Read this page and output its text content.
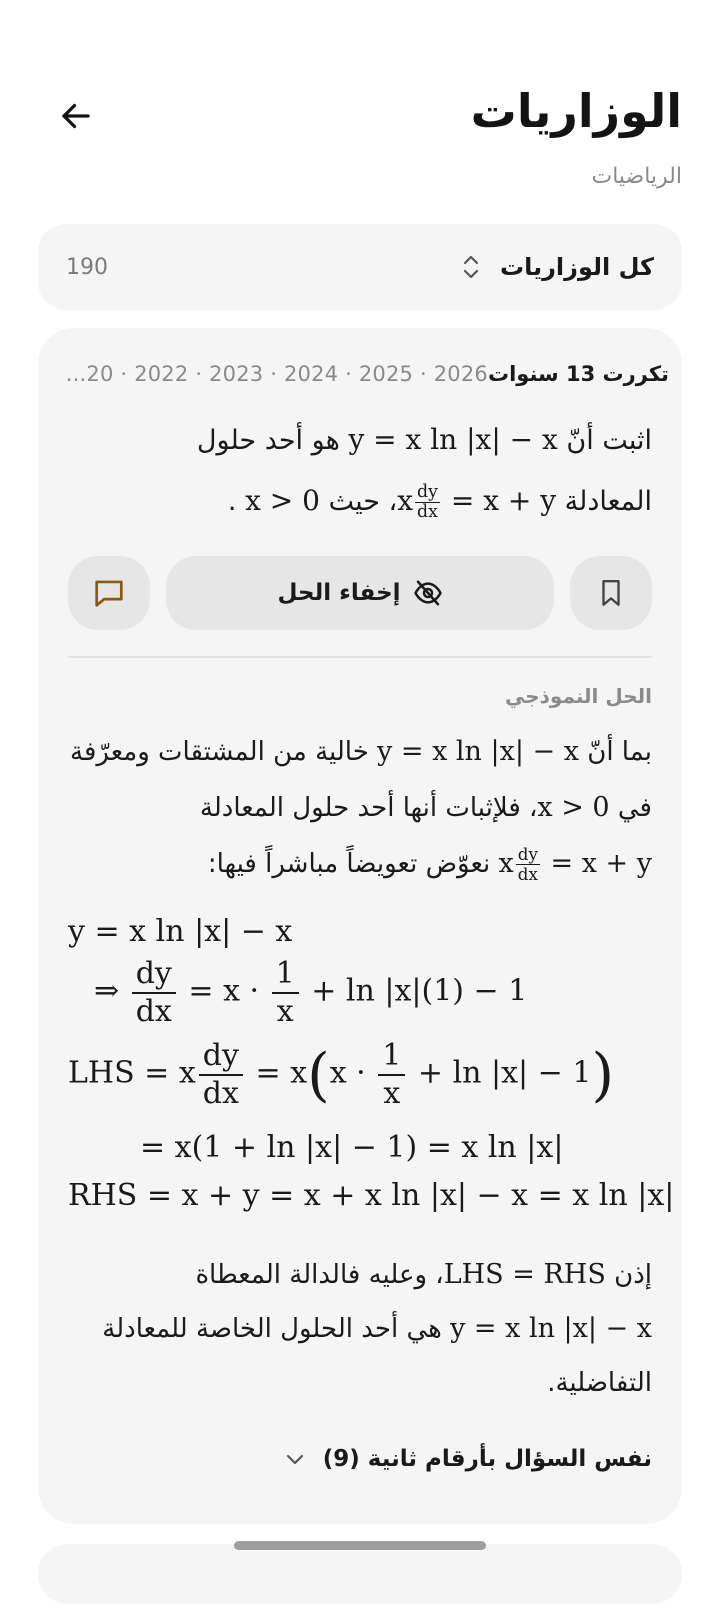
الوزاريات
الرياضيات
190	كل الوزاريات
2026 · 2025 · 2024 · 2023 · 2022 · 20... تكررت 13 سنوات
اثبت أنّ y = x ln |x| − x هو أحد حلول
المعادلة x $\frac{dy}{dx} = x$ + y، حيث x > 0 .
إخفاء الحل
الحل النموذجي
بما أنّ y = x ln |x| − x خالية من المشتقات ومعرّفة
في x > 0، فلإثبات أنها أحد حلول المعادلة
x $\frac{dy}{dx} = x + y$ نعوّض تعويضاً مباشراً فيها:
y = x ln |x| − x
⇒ $\frac{dy}{dx} = x \cdot \frac{1}{x} + \ln |x|(1) - 1$
LHS = x $\frac{dy}{dx} = x(x \cdot \frac{1}{x} + \ln |x| - 1)$
= x(1 + ln |x| − 1) = x ln |x|
RHS = x + y = x + x ln |x| − x = x ln |x|
إذن LHS = RHS، وعليه فالدالة المعطاة
y = x ln |x| − x هي أحد الحلول الخاصة للمعادلة
التفاضلية.
نفس السؤال بأرقام ثانية (9)
